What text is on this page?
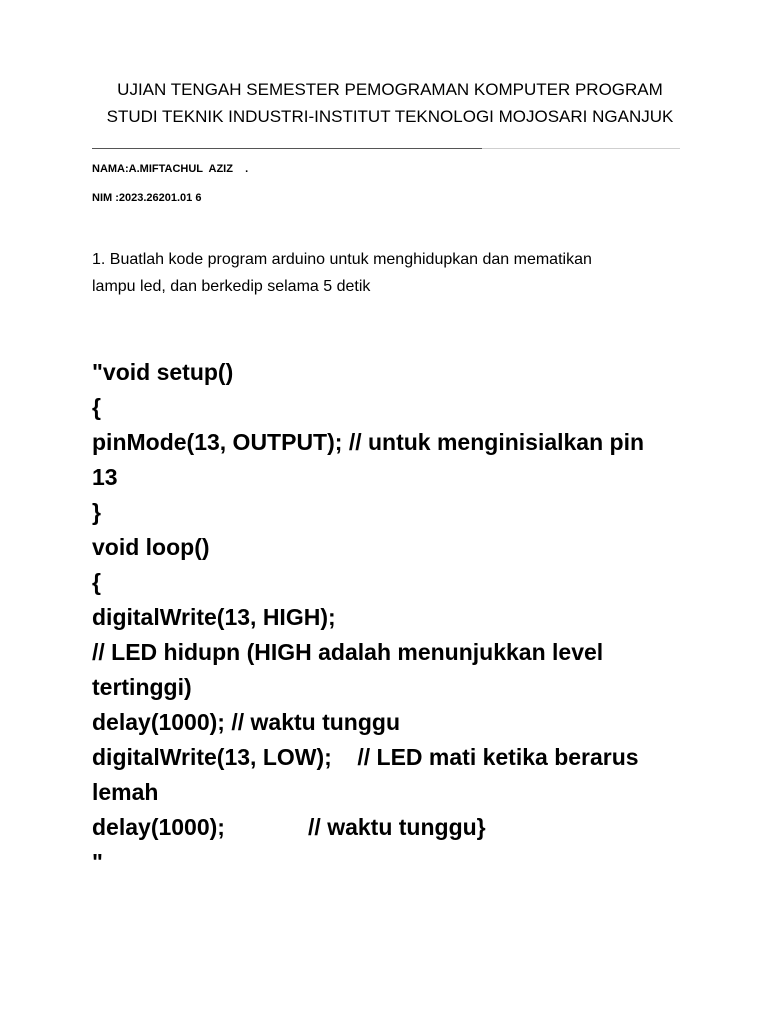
UJIAN TENGAH SEMESTER PEMOGRAMAN KOMPUTER PROGRAM
STUDI TEKNIK INDUSTRI-INSTITUT TEKNOLOGI MOJOSARI NGANJUK
NAMA:A.MIFTACHUL  AZIZ    .
NIM :2023.26201.01 6
1. Buatlah kode program arduino untuk menghidupkan dan mematikan
lampu led, dan berkedip selama 5 detik
"void setup()
{
pinMode(13, OUTPUT); // untuk menginisialkan pin
13
}
void loop()
{
digitalWrite(13, HIGH);
// LED hidupn (HIGH adalah menunjukkan level
tertinggi)
delay(1000); // waktu tunggu
digitalWrite(13, LOW);    // LED mati ketika berarus
lemah
delay(1000);             // waktu tunggu}
"
